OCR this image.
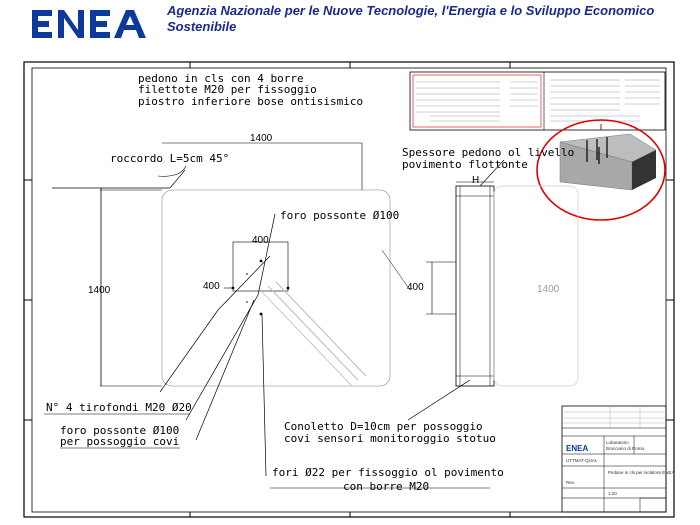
Agenzia Nazionale per le Nuove Tecnologie, l'Energia e lo Sviluppo Economico
Sostenibile
pedono in cls con 4 borre
filettote M20 per fissoggio
piostro inferiore bose ontisismico
roccordo L=5cm 45°
foro possonte Ø100
Spessore pedono ol livello
povimento flottonte
N° 4 tirofondi M20 Ø20
foro possonte Ø100
per possoggio covi
Conoletto D=10cm per possoggio
covi sensori monitoroggio stotuo
fori Ø22 per fissoggio ol povimento
con borre M20
1400
400
400
1400
H
400	1400
ENEA
Lobaratorio
Bracciano di Roma
Pedane in cls per isolatore ENEA
UTTMAT-QUAL
Rev.
1:20
